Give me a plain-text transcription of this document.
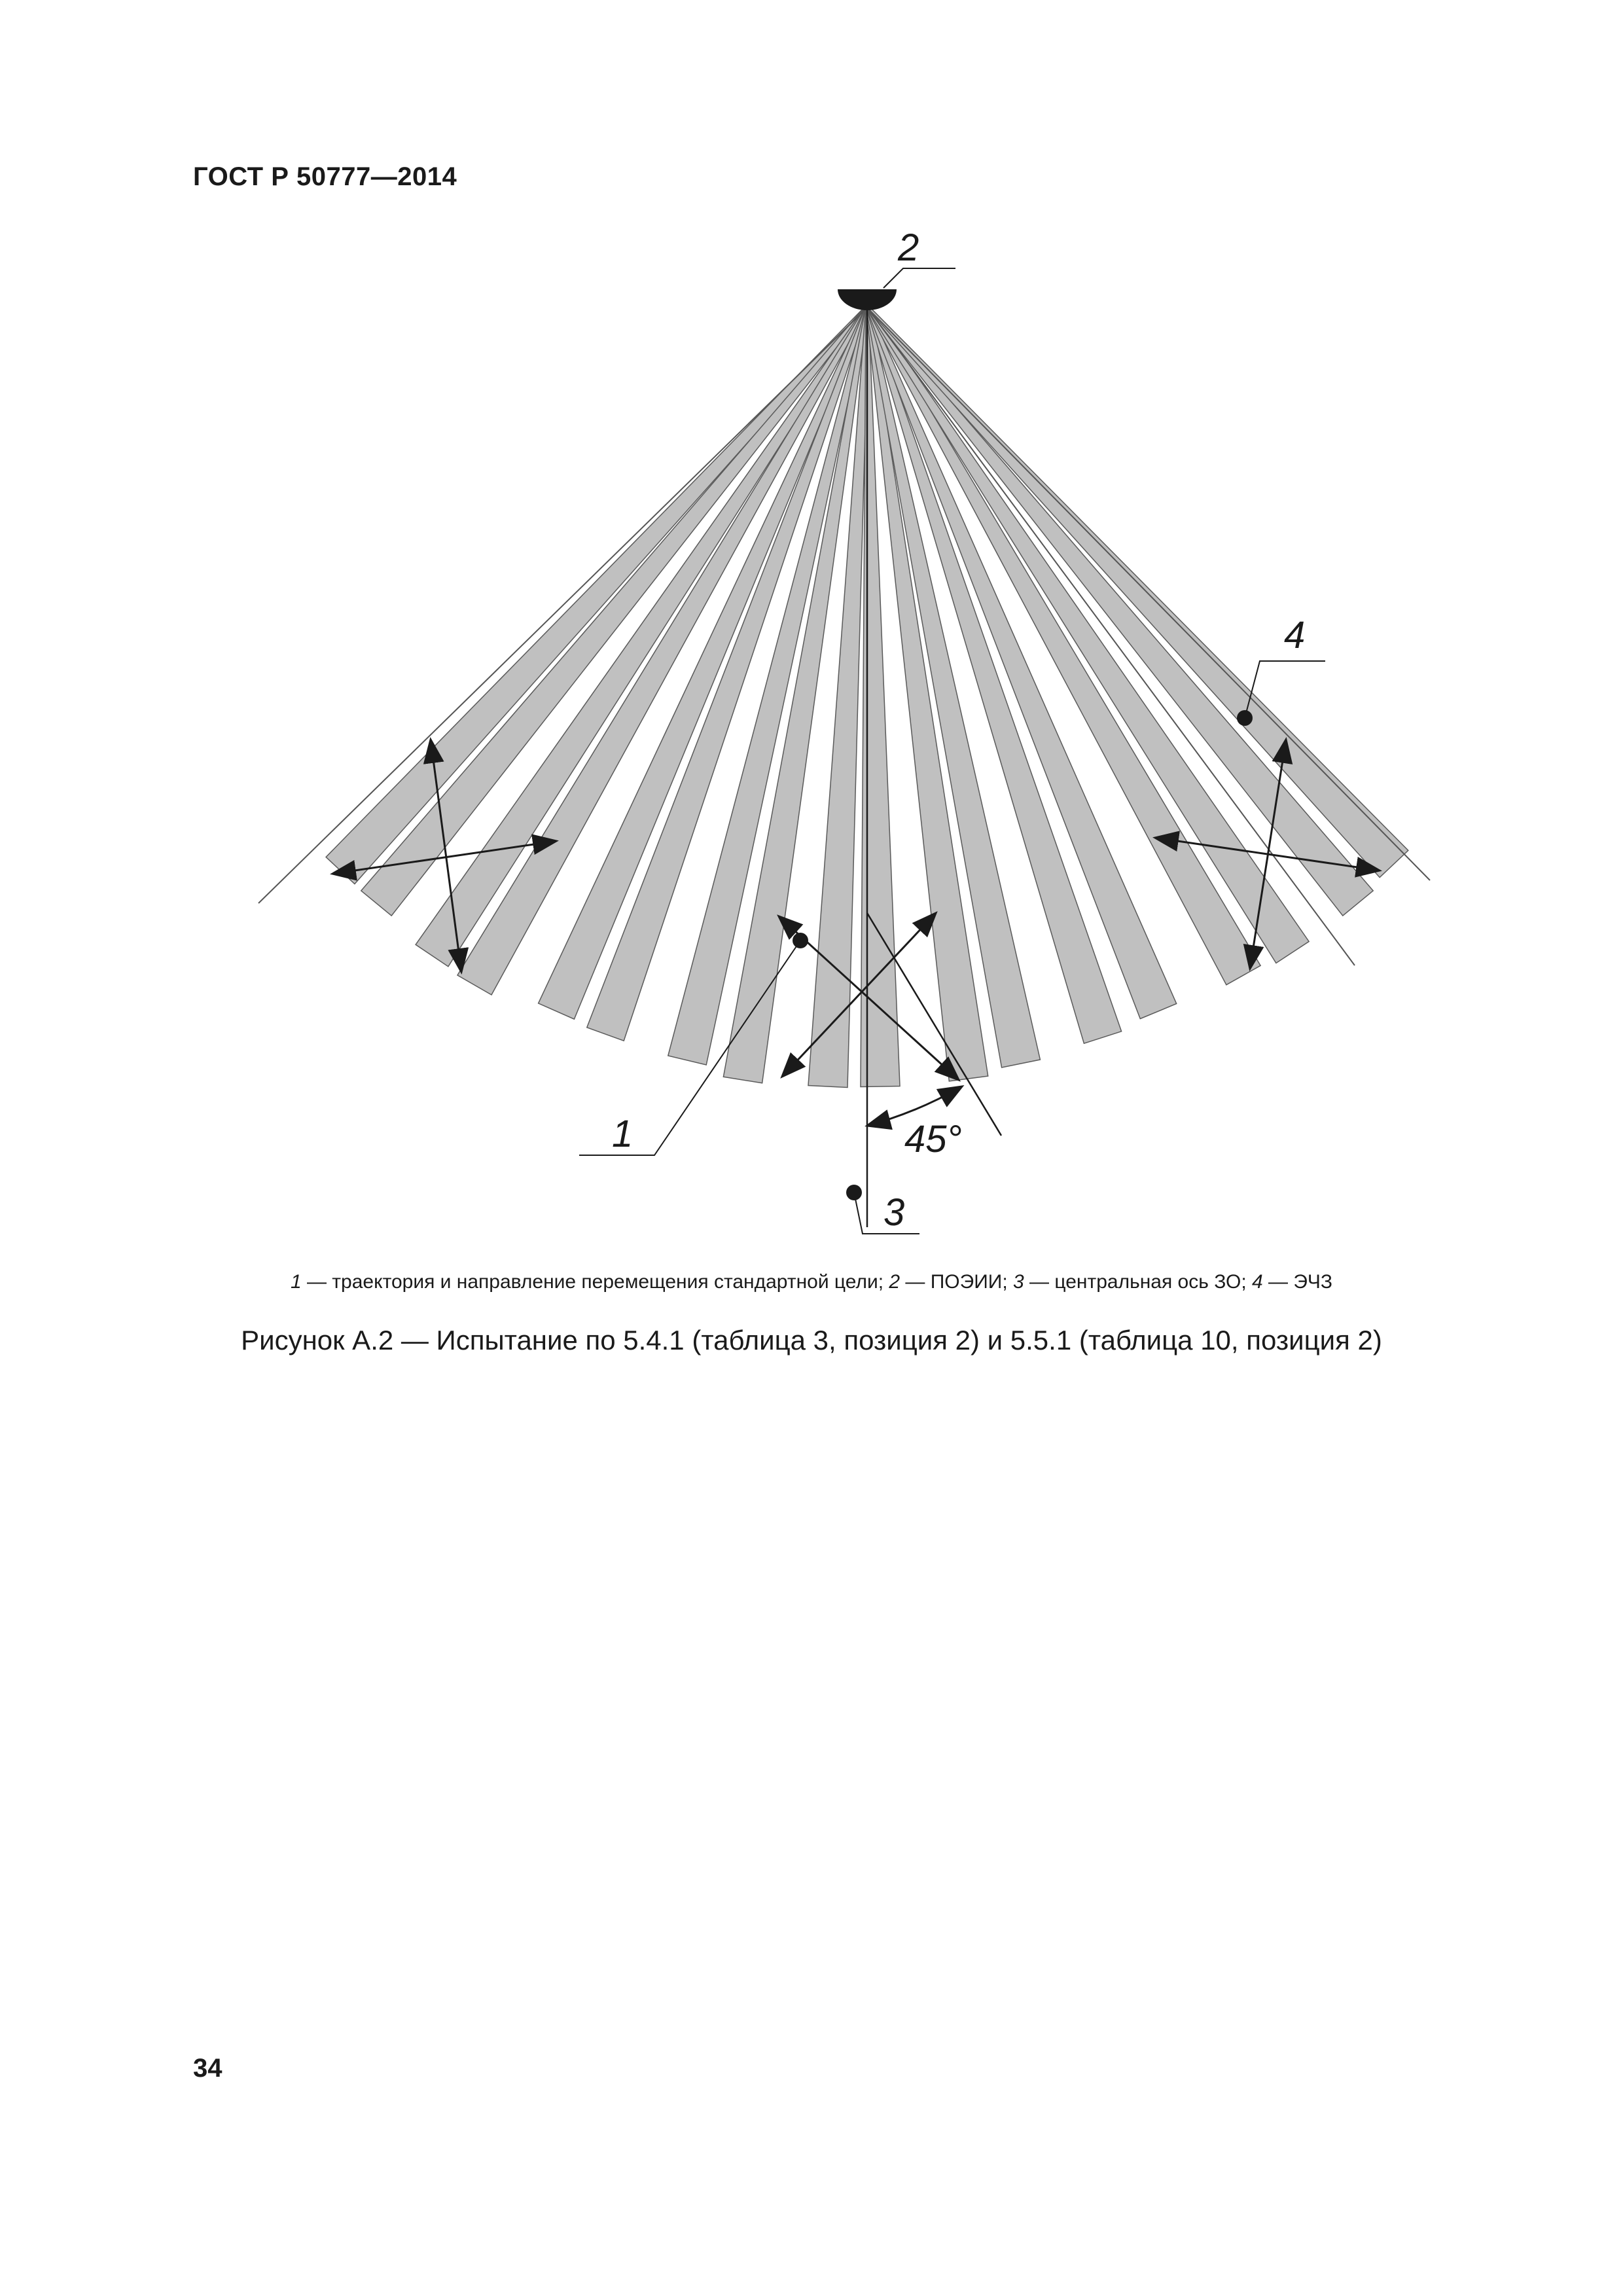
ГОСТ Р 50777—2014
2
1
3
4
45°
1 — траектория и направление перемещения стандартной цели; 2 — ПОЭИИ; 3 — центральная ось ЗО; 4 — ЭЧЗ
Рисунок А.2 — Испытание по 5.4.1 (таблица 3, позиция 2) и 5.5.1 (таблица 10, позиция 2)
34
